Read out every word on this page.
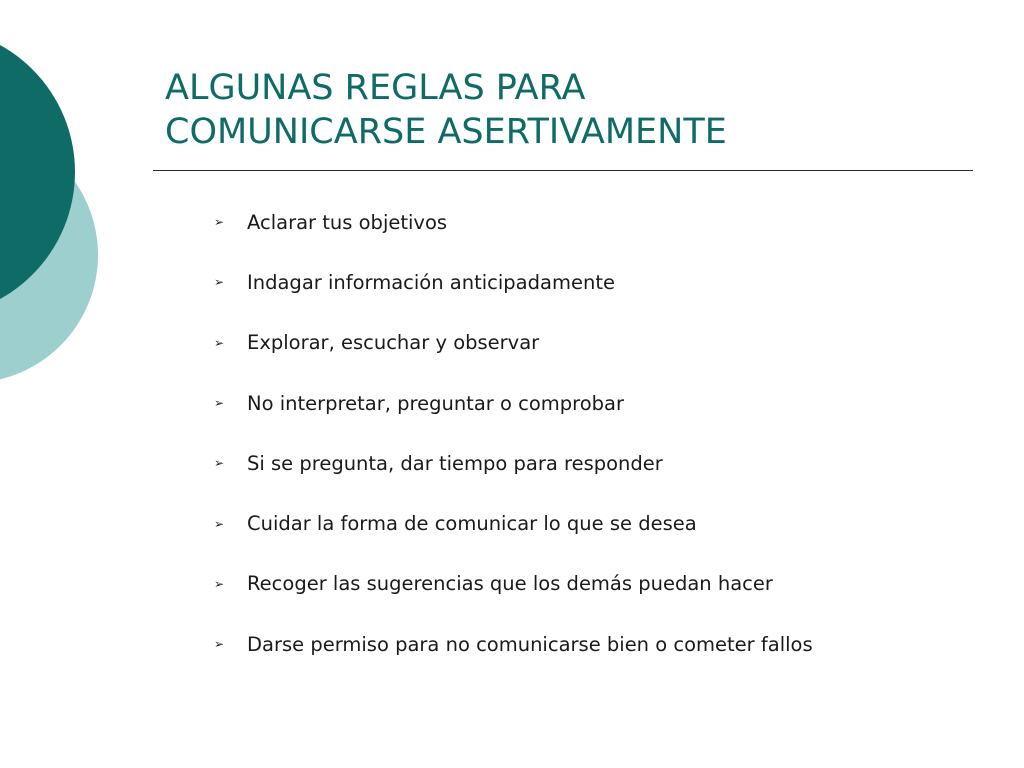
ALGUNAS REGLAS PARA
COMUNICARSE ASERTIVAMENTE
➢	Aclarar tus objetivos
➢	Indagar información anticipadamente
➢	Explorar, escuchar y observar
➢	No interpretar, preguntar o comprobar
➢	Si se pregunta, dar tiempo para responder
➢	Cuidar la forma de comunicar lo que se desea
➢	Recoger las sugerencias que los demás puedan hacer
➢	Darse permiso para no comunicarse bien o cometer fallos
